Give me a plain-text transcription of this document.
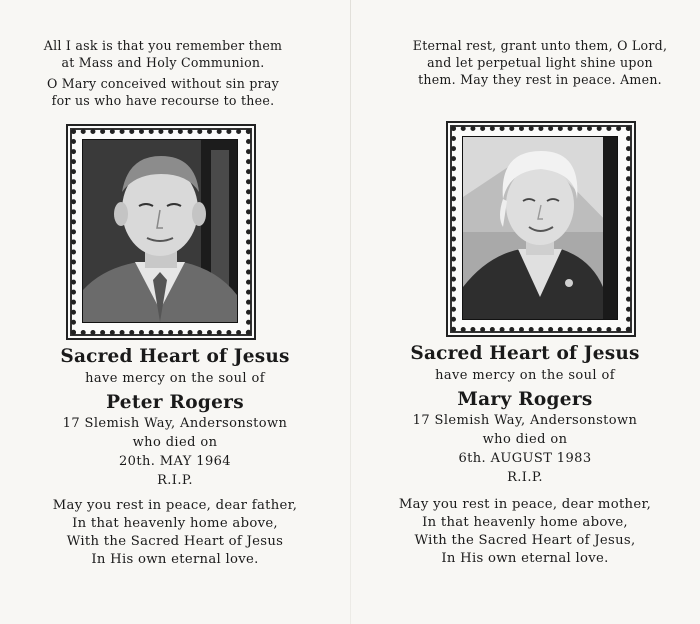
All I ask is that you remember them

at Mass and Holy Communion.

O Mary conceived without sin pray

for us who have recourse to thee.

Sacred Heart of Jesus
have mercy on the soul of
Peter Rogers
17 Slemish Way, Andersonstown
who died on
20th. MAY 1964
R.I.P.

May you rest in peace, dear father,

In that heavenly home above,

With the Sacred Heart of Jesus

In His own eternal love.

Eternal rest, grant unto them, O Lord,

and let perpetual light shine upon

them. May they rest in peace. Amen.

Sacred Heart of Jesus
have mercy on the soul of
Mary Rogers
17 Slemish Way, Andersonstown
who died on
6th. AUGUST 1983
R.I.P.

May you rest in peace, dear mother,

In that heavenly home above,

With the Sacred Heart of Jesus,

In His own eternal love.
